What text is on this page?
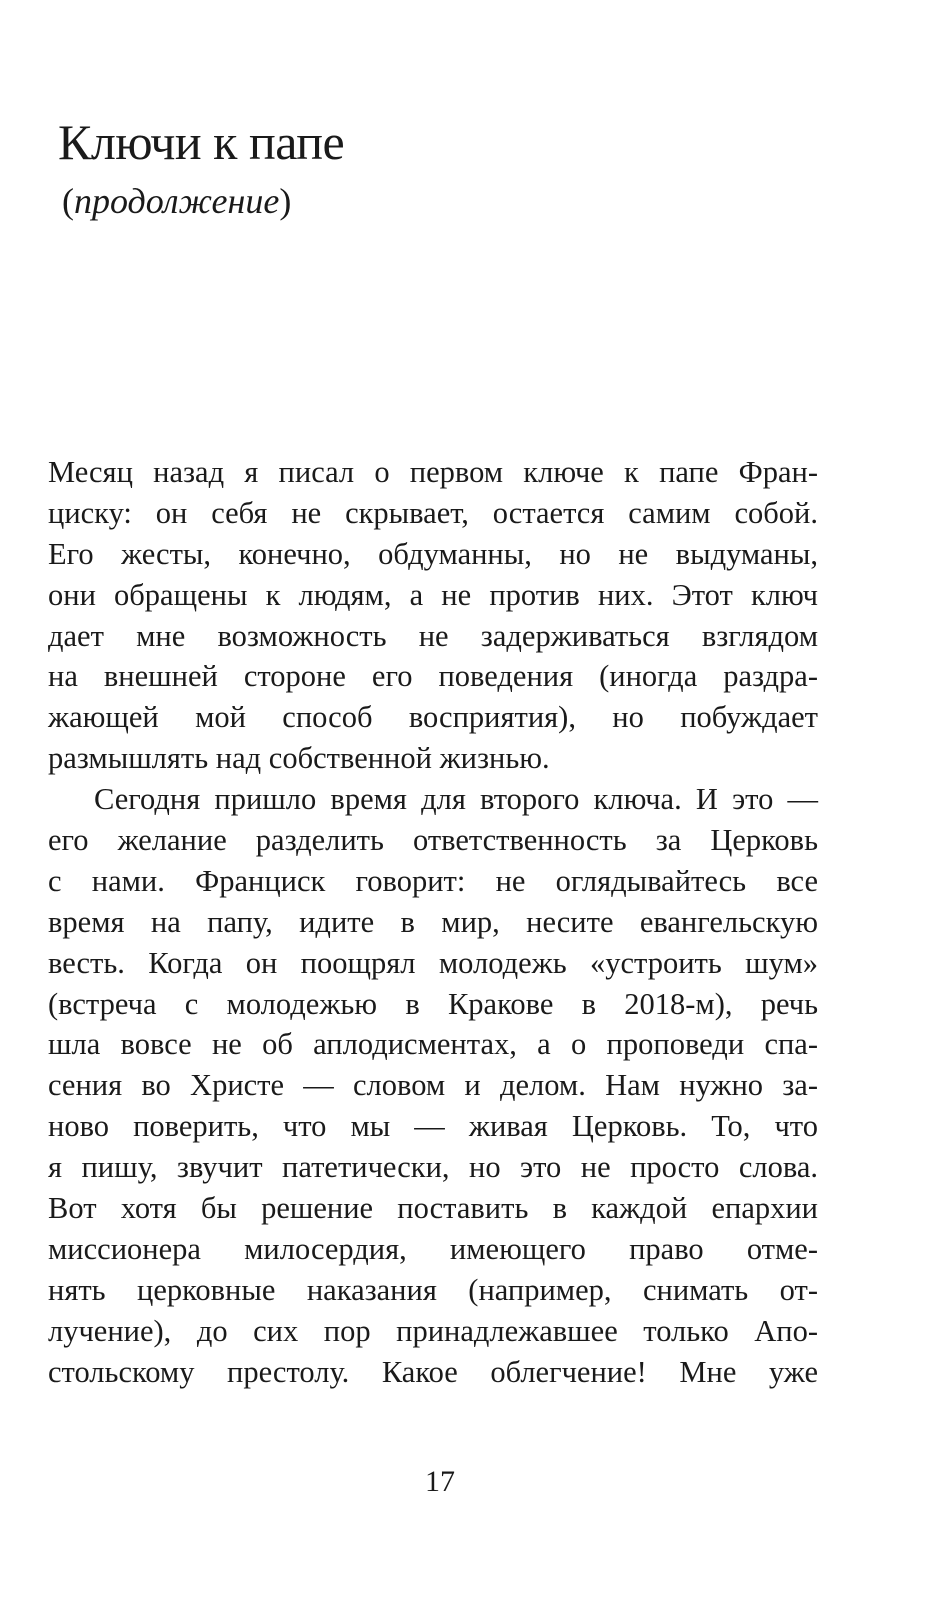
Ключи к папе
(продолжение)
Месяц назад я писал о первом ключе к папе Фран-
циску: он себя не скрывает, остается самим собой.
Его жесты, конечно, обдуманны, но не выдуманы,
они обращены к людям, а не против них. Этот ключ
дает мне возможность не задерживаться взглядом
на внешней стороне его поведения (иногда раздра-
жающей мой способ восприятия), но побуждает
размышлять над собственной жизнью.
Сегодня пришло время для второго ключа. И это —
его желание разделить ответственность за Церковь
с нами. Франциск говорит: не оглядывайтесь все
время на папу, идите в мир, несите евангельскую
весть. Когда он поощрял молодежь «устроить шум»
(встреча с молодежью в Кракове в 2018-м), речь
шла вовсе не об аплодисментах, а о проповеди спа-
сения во Христе — словом и делом. Нам нужно за-
ново поверить, что мы — живая Церковь. То, что
я пишу, звучит патетически, но это не просто слова.
Вот хотя бы решение поставить в каждой епархии
миссионера милосердия, имеющего право отме-
нять церковные наказания (например, снимать от-
лучение), до сих пор принадлежавшее только Апо-
стольскому престолу. Какое облегчение! Мне уже
17
